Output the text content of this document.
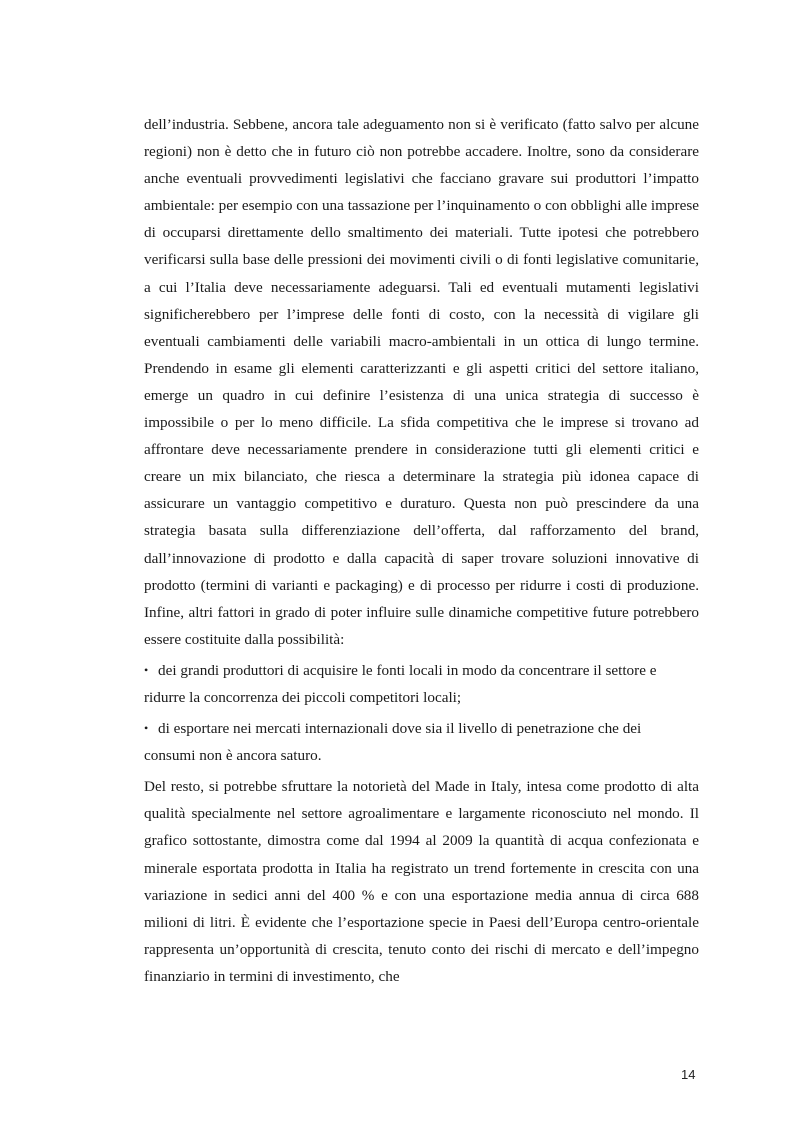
dell’industria. Sebbene, ancora tale adeguamento non si è verificato (fatto salvo per alcune regioni) non è detto che in futuro ciò non potrebbe accadere. Inoltre, sono da considerare anche eventuali provvedimenti legislativi che facciano gravare sui produttori l’impatto ambientale: per esempio con una tassazione per l’inquinamento o con obblighi alle imprese di occuparsi direttamente dello smaltimento dei materiali. Tutte ipotesi che potrebbero verificarsi sulla base delle pressioni dei movimenti civili o di fonti legislative comunitarie, a cui l’Italia deve necessariamente adeguarsi. Tali ed eventuali mutamenti legislativi significherebbero per l’imprese delle fonti di costo, con la necessità di vigilare gli eventuali cambiamenti delle variabili macro-ambientali in un ottica di lungo termine. Prendendo in esame gli elementi caratterizzanti e gli aspetti critici del settore italiano, emerge un quadro in cui definire l’esistenza di una unica strategia di successo è impossibile o per lo meno difficile. La sfida competitiva che le imprese si trovano ad affrontare deve necessariamente prendere in considerazione tutti gli elementi critici e creare un mix bilanciato, che riesca a determinare la strategia più idonea capace di assicurare un vantaggio competitivo e duraturo. Questa non può prescindere da una strategia basata sulla differenziazione dell’offerta, dal rafforzamento del brand, dall’innovazione di prodotto e dalla capacità di saper trovare soluzioni innovative di prodotto (termini di varianti e packaging) e di processo per ridurre i costi di produzione. Infine, altri fattori in grado di poter influire sulle dinamiche competitive future potrebbero essere costituite dalla possibilità:

• dei grandi produttori di acquisire le fonti locali in modo da concentrare il settore e
ridurre la concorrenza dei piccoli competitori locali;
• di esportare nei mercati internazionali dove sia il livello di penetrazione che dei
consumi non è ancora saturo.

Del resto, si potrebbe sfruttare la notorietà del Made in Italy, intesa come prodotto di alta qualità specialmente nel settore agroalimentare e largamente riconosciuto nel mondo. Il grafico sottostante, dimostra come dal 1994 al 2009 la quantità di acqua confezionata e minerale esportata prodotta in Italia ha registrato un trend fortemente in crescita con una variazione in sedici anni del 400 % e con una esportazione media annua di circa 688 milioni di litri. È evidente che l’esportazione specie in Paesi dell’Europa centro-orientale rappresenta un’opportunità di crescita, tenuto conto dei rischi di mercato e dell’impegno finanziario in termini di investimento, che

14
